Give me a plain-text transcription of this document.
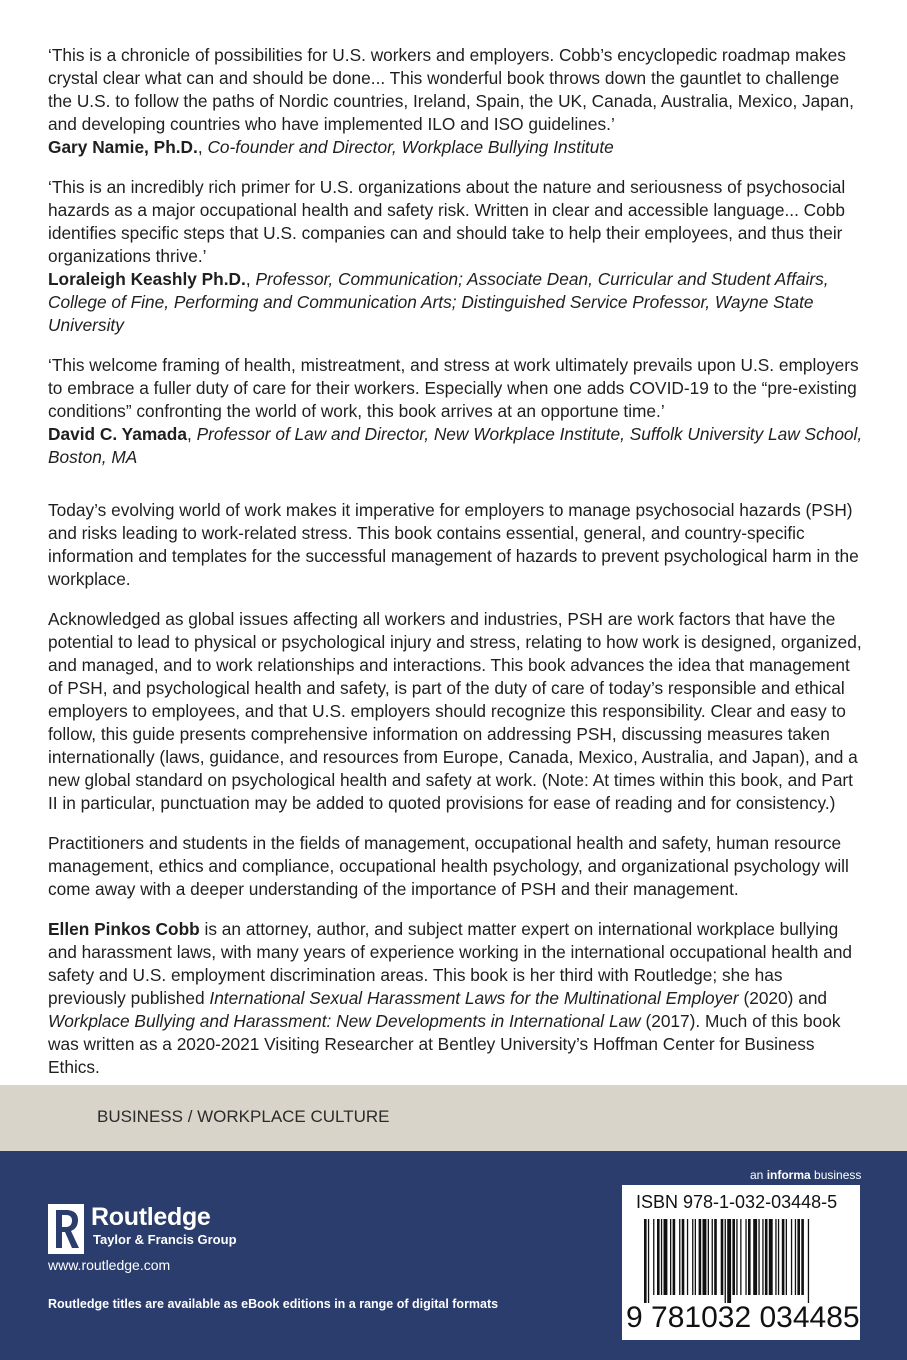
‘This is a chronicle of possibilities for U.S. workers and employers. Cobb’s encyclopedic roadmap makes crystal clear what can and should be done... This wonderful book throws down the gauntlet to challenge the U.S. to follow the paths of Nordic countries, Ireland, Spain, the UK, Canada, Australia, Mexico, Japan, and developing countries who have implemented ILO and ISO guidelines.’
Gary Namie, Ph.D., Co-founder and Director, Workplace Bullying Institute
‘This is an incredibly rich primer for U.S. organizations about the nature and seriousness of psychosocial hazards as a major occupational health and safety risk. Written in clear and accessible language... Cobb identifies specific steps that U.S. companies can and should take to help their employees, and thus their organizations thrive.’
Loraleigh Keashly Ph.D., Professor, Communication; Associate Dean, Curricular and Student Affairs, College of Fine, Performing and Communication Arts; Distinguished Service Professor, Wayne State University
‘This welcome framing of health, mistreatment, and stress at work ultimately prevails upon U.S. employers to embrace a fuller duty of care for their workers. Especially when one adds COVID-19 to the “pre-existing conditions” confronting the world of work, this book arrives at an opportune time.’
David C. Yamada, Professor of Law and Director, New Workplace Institute, Suffolk University Law School, Boston, MA

Today’s evolving world of work makes it imperative for employers to manage psychosocial hazards (PSH) and risks leading to work-related stress. This book contains essential, general, and country-specific information and templates for the successful management of hazards to prevent psychological harm in the workplace.

Acknowledged as global issues affecting all workers and industries, PSH are work factors that have the potential to lead to physical or psychological injury and stress, relating to how work is designed, organized, and managed, and to work relationships and interactions. This book advances the idea that management of PSH, and psychological health and safety, is part of the duty of care of today’s responsible and ethical employers to employees, and that U.S. employers should recognize this responsibility. Clear and easy to follow, this guide presents comprehensive information on addressing PSH, discussing measures taken internationally (laws, guidance, and resources from Europe, Canada, Mexico, Australia, and Japan), and a new global standard on psychological health and safety at work. (Note: At times within this book, and Part II in particular, punctuation may be added to quoted provisions for ease of reading and for consistency.)

Practitioners and students in the fields of management, occupational health and safety, human resource management, ethics and compliance, occupational health psychology, and organizational psychology will come away with a deeper understanding of the importance of PSH and their management.

Ellen Pinkos Cobb is an attorney, author, and subject matter expert on international workplace bullying and harassment laws, with many years of experience working in the international occupational health and safety and U.S. employment discrimination areas. This book is her third with Routledge; she has previously published International Sexual Harassment Laws for the Multinational Employer (2020) and Workplace Bullying and Harassment: New Developments in International Law (2017). Much of this book was written as a 2020-2021 Visiting Researcher at Bentley University’s Hoffman Center for Business Ethics.
BUSINESS / WORKPLACE CULTURE
an informa business
Routledge
Taylor & Francis Group
www.routledge.com
Routledge titles are available as eBook editions in a range of digital formats
ISBN 978-1-032-03448-5
9 781032 034485
